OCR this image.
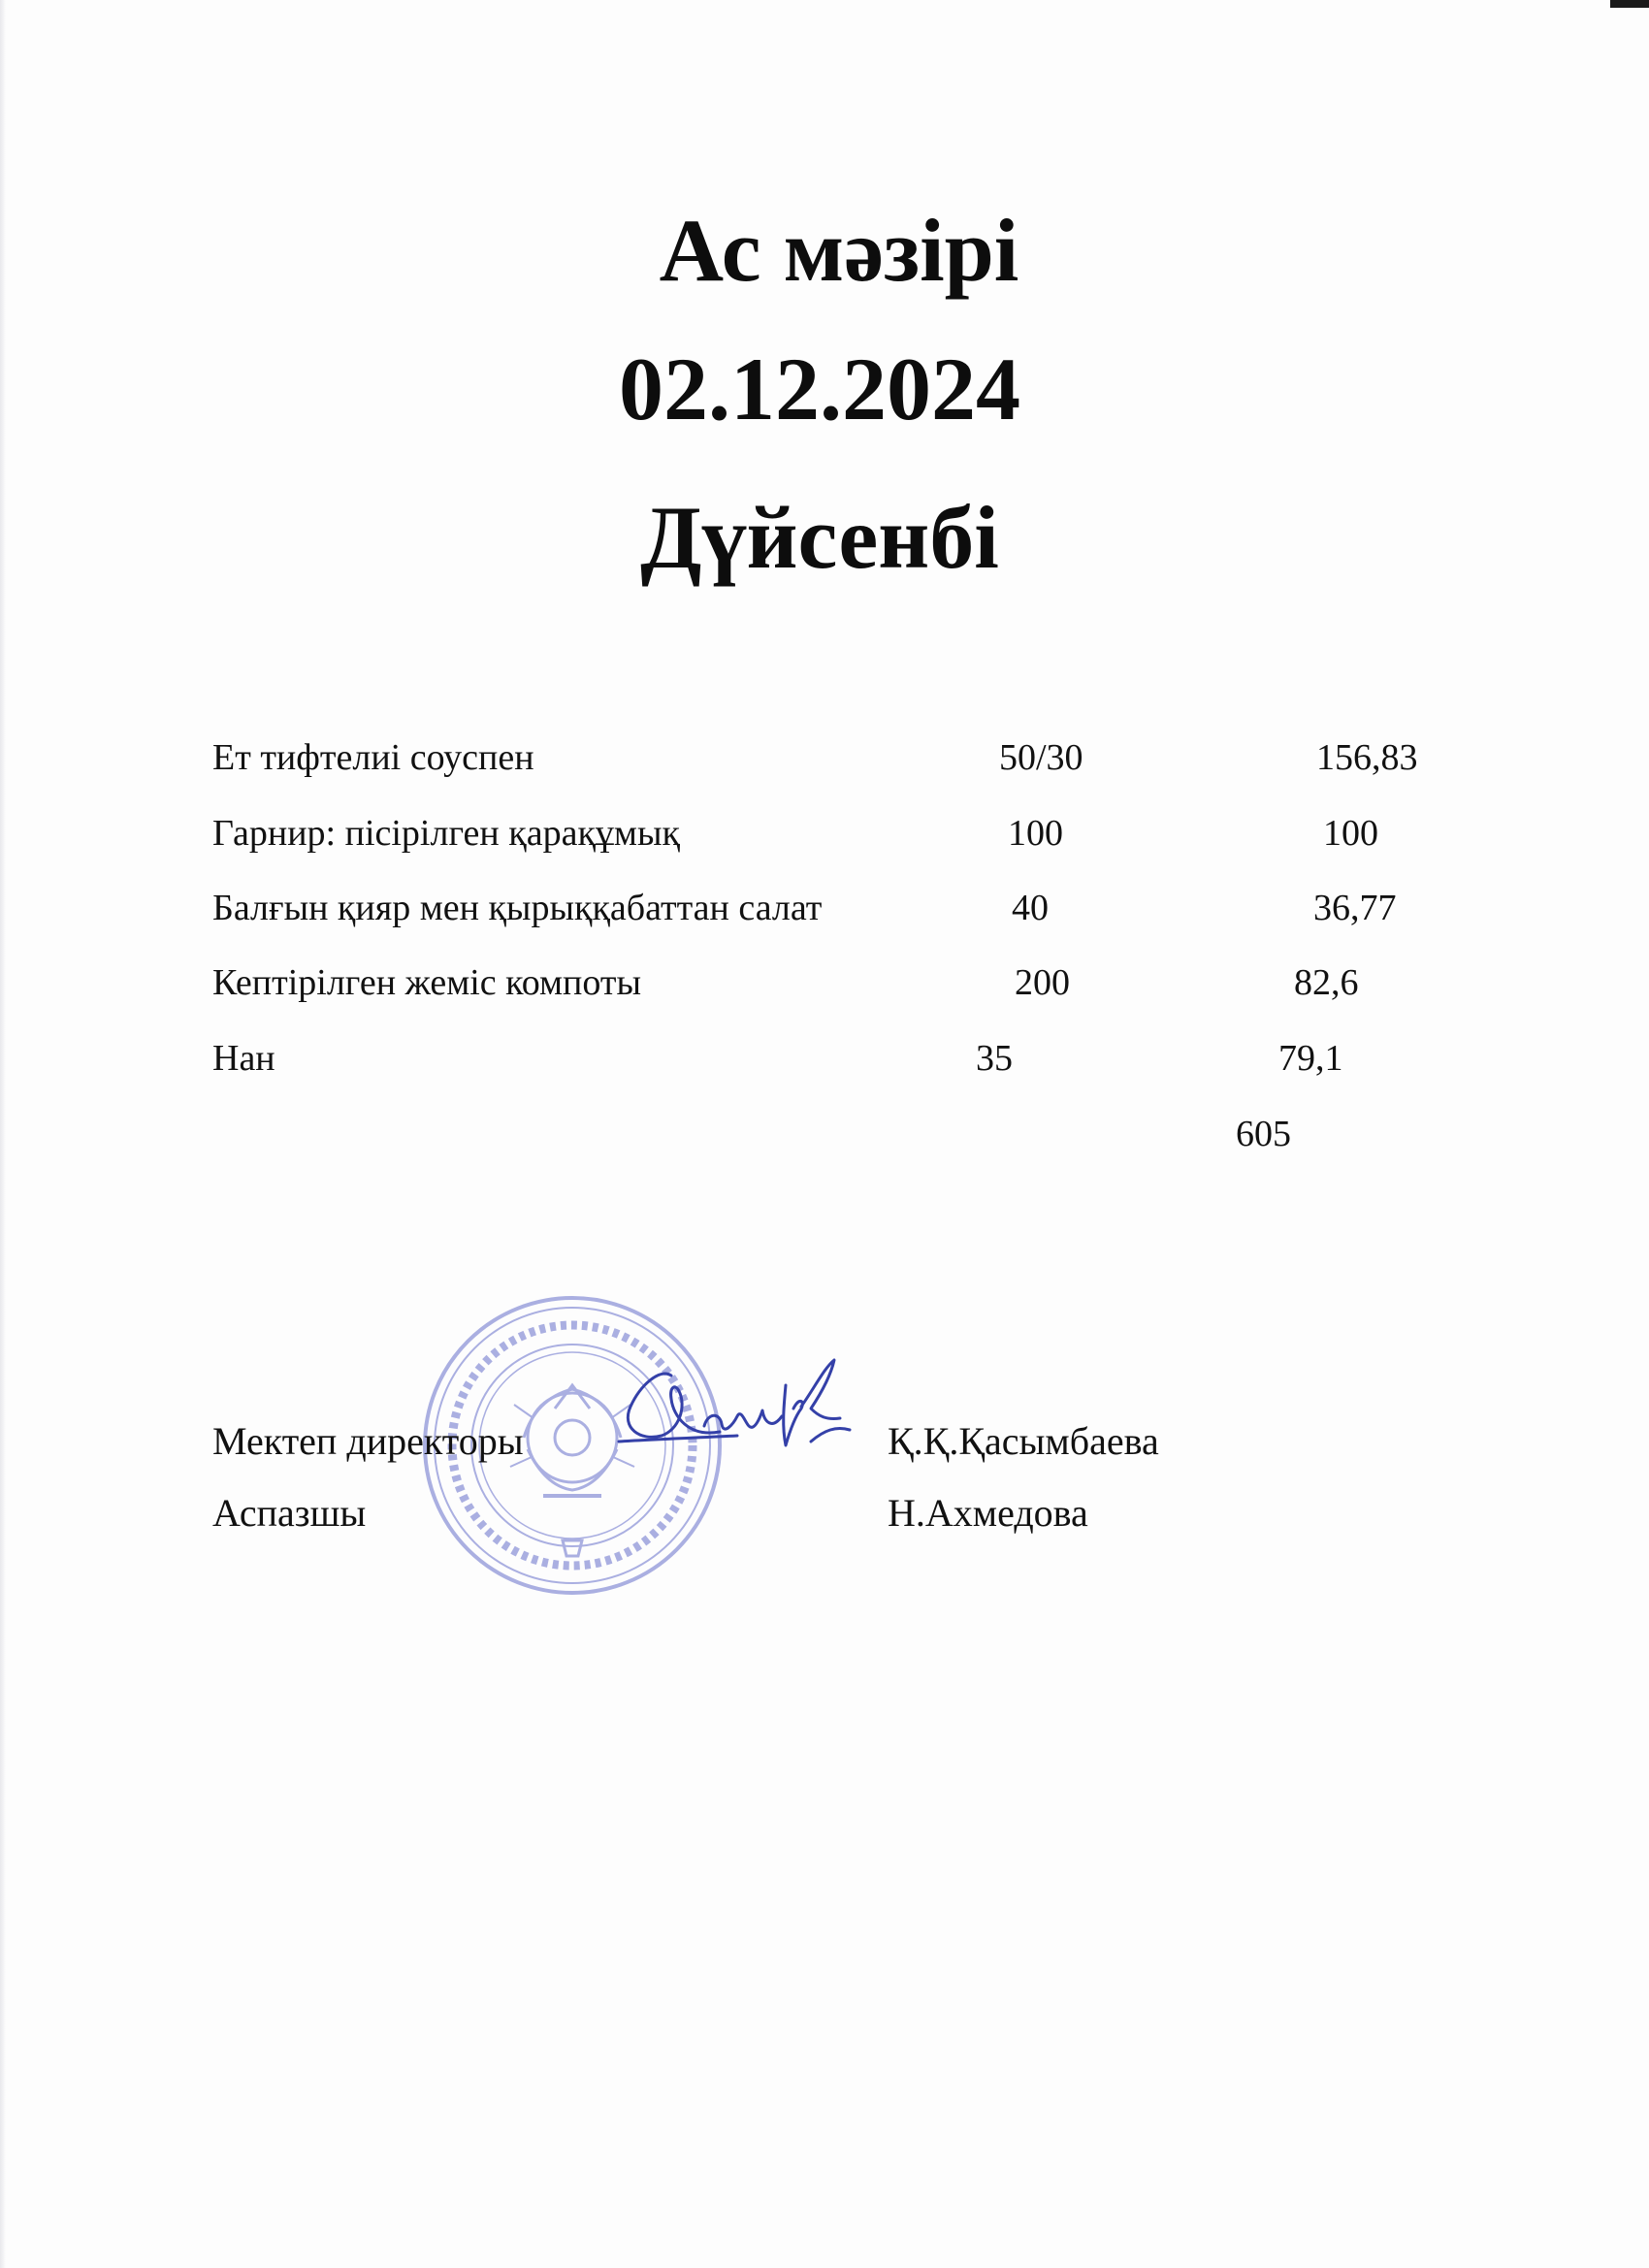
Ас мәзірі
02.12.2024
Дүйсенбі
Ет тифтелиі соуспен	50/30	156,83
Гарнир: пісірілген қарақұмық	100	100
Балғын қияр мен қырыққабаттан салат	40	36,77
Кептірілген жеміс компоты	200	82,6
Нан	35	79,1
605
Мектеп директоры	Қ.Қ.Қасымбаева
Аспазшы	Н.Ахмедова
